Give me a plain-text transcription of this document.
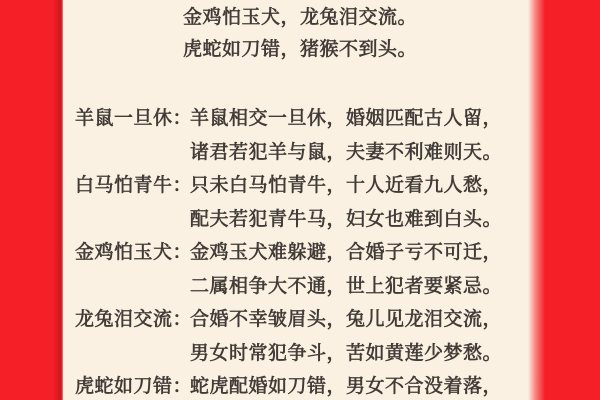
金鸡怕玉犬，龙兔泪交流。
虎蛇如刀错，猪猴不到头。
羊鼠一旦休：
羊鼠相交一旦休，婚姻匹配古人留，
诸君若犯羊与鼠，夫妻不利难则天。
白马怕青牛：
只未白马怕青牛，十人近看九人愁，
配夫若犯青牛马，妇女也难到白头。
金鸡怕玉犬：
金鸡玉犬难躲避，合婚子亏不可迁，
二属相争大不通，世上犯者要紧忌。
龙兔泪交流：
合婚不幸皱眉头，兔儿见龙泪交流，
男女时常犯争斗，苦如黄莲少梦愁。
虎蛇如刀错：
蛇虎配婚如刀错，男女不合没着落，
